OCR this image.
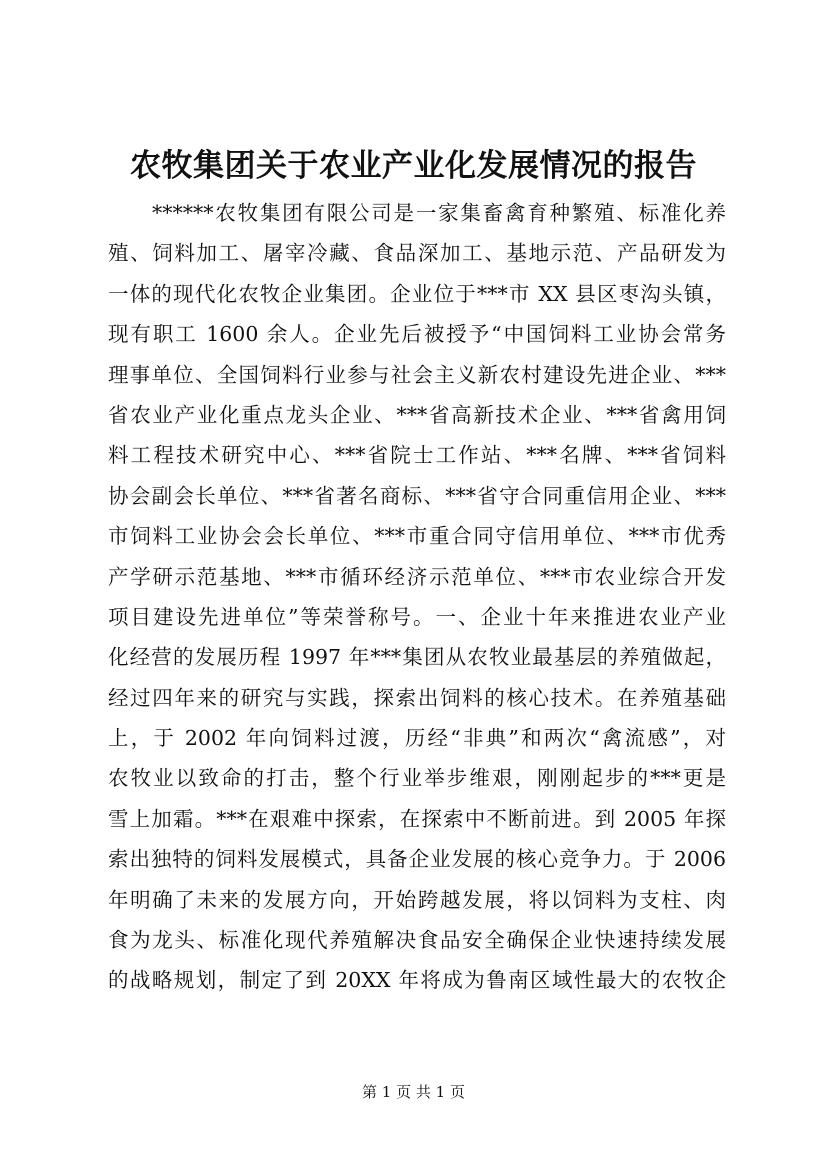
农牧集团关于农业产业化发展情况的报告
******农牧集团有限公司是一家集畜禽育种繁殖、标准化养
殖、饲料加工、屠宰冷藏、食品深加工、基地示范、产品研发为
一体的现代化农牧企业集团。企业位于***市 XX 县区枣沟头镇，
现有职工 1600 余人。企业先后被授予“中国饲料工业协会常务
理事单位、全国饲料行业参与社会主义新农村建设先进企业、***
省农业产业化重点龙头企业、***省高新技术企业、***省禽用饲
料工程技术研究中心、***省院士工作站、***名牌、***省饲料
协会副会长单位、***省著名商标、***省守合同重信用企业、***
市饲料工业协会会长单位、***市重合同守信用单位、***市优秀
产学研示范基地、***市循环经济示范单位、***市农业综合开发
项目建设先进单位”等荣誉称号。一、企业十年来推进农业产业
化经营的发展历程 1997 年***集团从农牧业最基层的养殖做起，
经过四年来的研究与实践，探索出饲料的核心技术。在养殖基础
上，于 2002 年向饲料过渡，历经“非典”和两次“禽流感”，对
农牧业以致命的打击，整个行业举步维艰，刚刚起步的***更是
雪上加霜。***在艰难中探索，在探索中不断前进。到 2005 年探
索出独特的饲料发展模式，具备企业发展的核心竞争力。于 2006
年明确了未来的发展方向，开始跨越发展，将以饲料为支柱、肉
食为龙头、标准化现代养殖解决食品安全确保企业快速持续发展
的战略规划，制定了到 20XX 年将成为鲁南区域性最大的农牧企
第 1 页 共 1 页
